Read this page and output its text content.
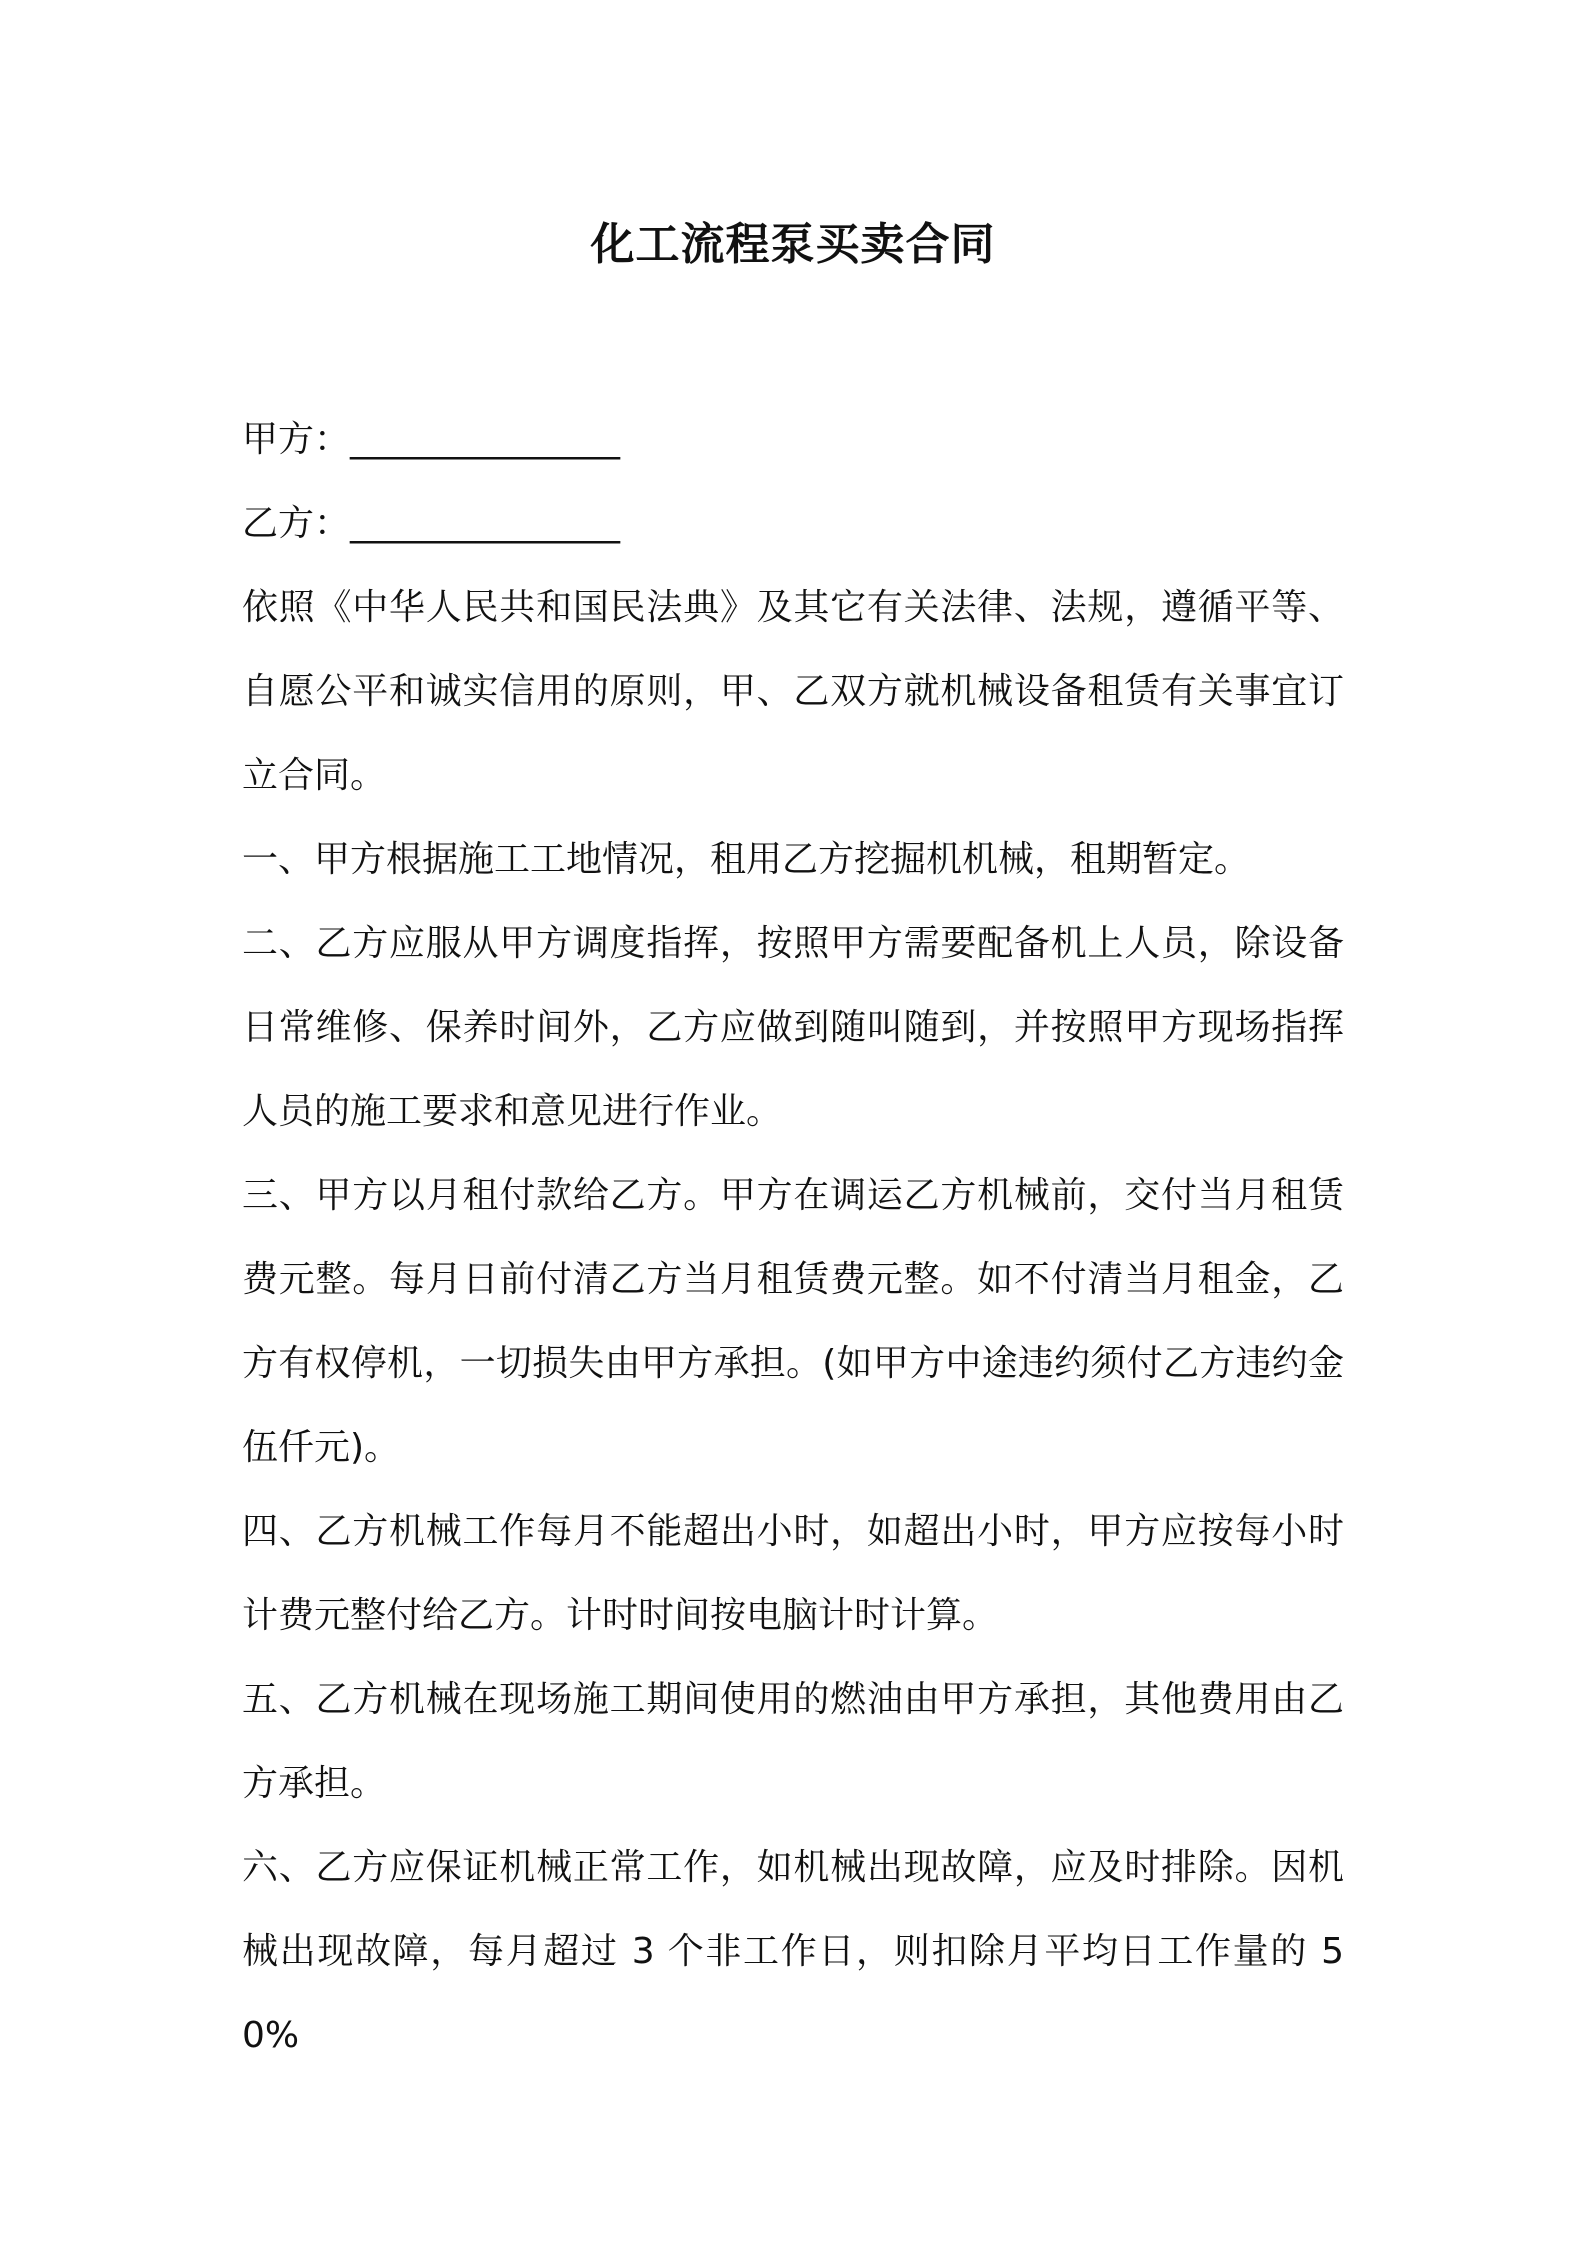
化工流程泵买卖合同

甲方：_______________

乙方：_______________

依照《中华人民共和国民法典》及其它有关法律、法规，遵循平等、自愿公平和诚实信用的原则，甲、乙双方就机械设备租赁有关事宜订立合同。

一、甲方根据施工工地情况，租用乙方挖掘机机械，租期暂定。

二、乙方应服从甲方调度指挥，按照甲方需要配备机上人员，除设备日常维修、保养时间外，乙方应做到随叫随到，并按照甲方现场指挥人员的施工要求和意见进行作业。

三、甲方以月租付款给乙方。甲方在调运乙方机械前，交付当月租赁费元整。每月日前付清乙方当月租赁费元整。如不付清当月租金，乙方有权停机，一切损失由甲方承担。(如甲方中途违约须付乙方违约金伍仟元)。

四、乙方机械工作每月不能超出小时，如超出小时，甲方应按每小时计费元整付给乙方。计时时间按电脑计时计算。

五、乙方机械在现场施工期间使用的燃油由甲方承担，其他费用由乙方承担。

六、乙方应保证机械正常工作，如机械出现故障，应及时排除。因机械出现故障，每月超过 3 个非工作日，则扣除月平均日工作量的 50%
